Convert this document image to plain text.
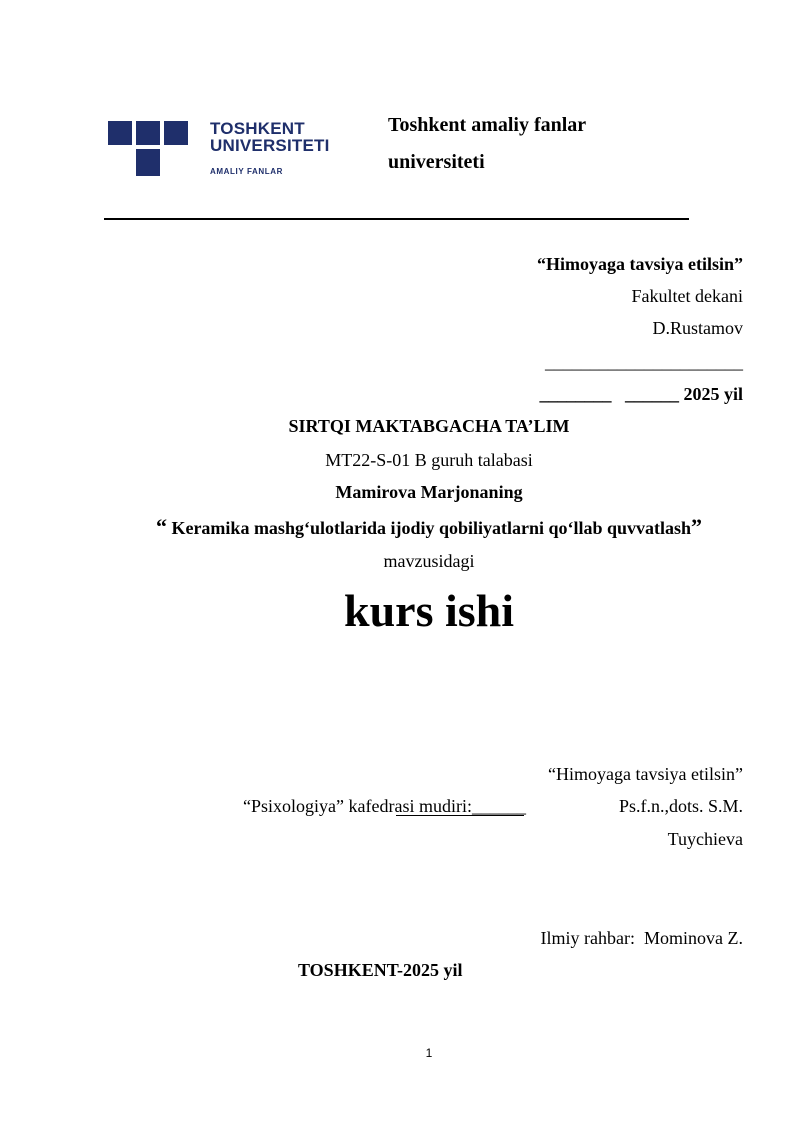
TOSHKENT
UNIVERSITETI
AMALIY FANLAR
Toshkent amaliy fanlar
universiteti
“Himoyaga tavsiya etilsin”
Fakultet dekani
D.Rustamov
______________________
________ ______ 2025 yil
SIRTQI MAKTABGACHA TA’LIM
MT22-S-01 B guruh talabasi
Mamirova Marjonaning
“ Keramika mashg‘ulotlarida ijodiy qobiliyatlarni qo‘llab quvvatlash”
mavzusidagi
kurs ishi
“Himoyaga tavsiya etilsin”
“Psixologiya” kafedrasi mudiri:______	Ps.f.n.,dots. S.M.
Tuychieva
Ilmiy rahbar: Mominova Z.
TOSHKENT-2025 yil
1
